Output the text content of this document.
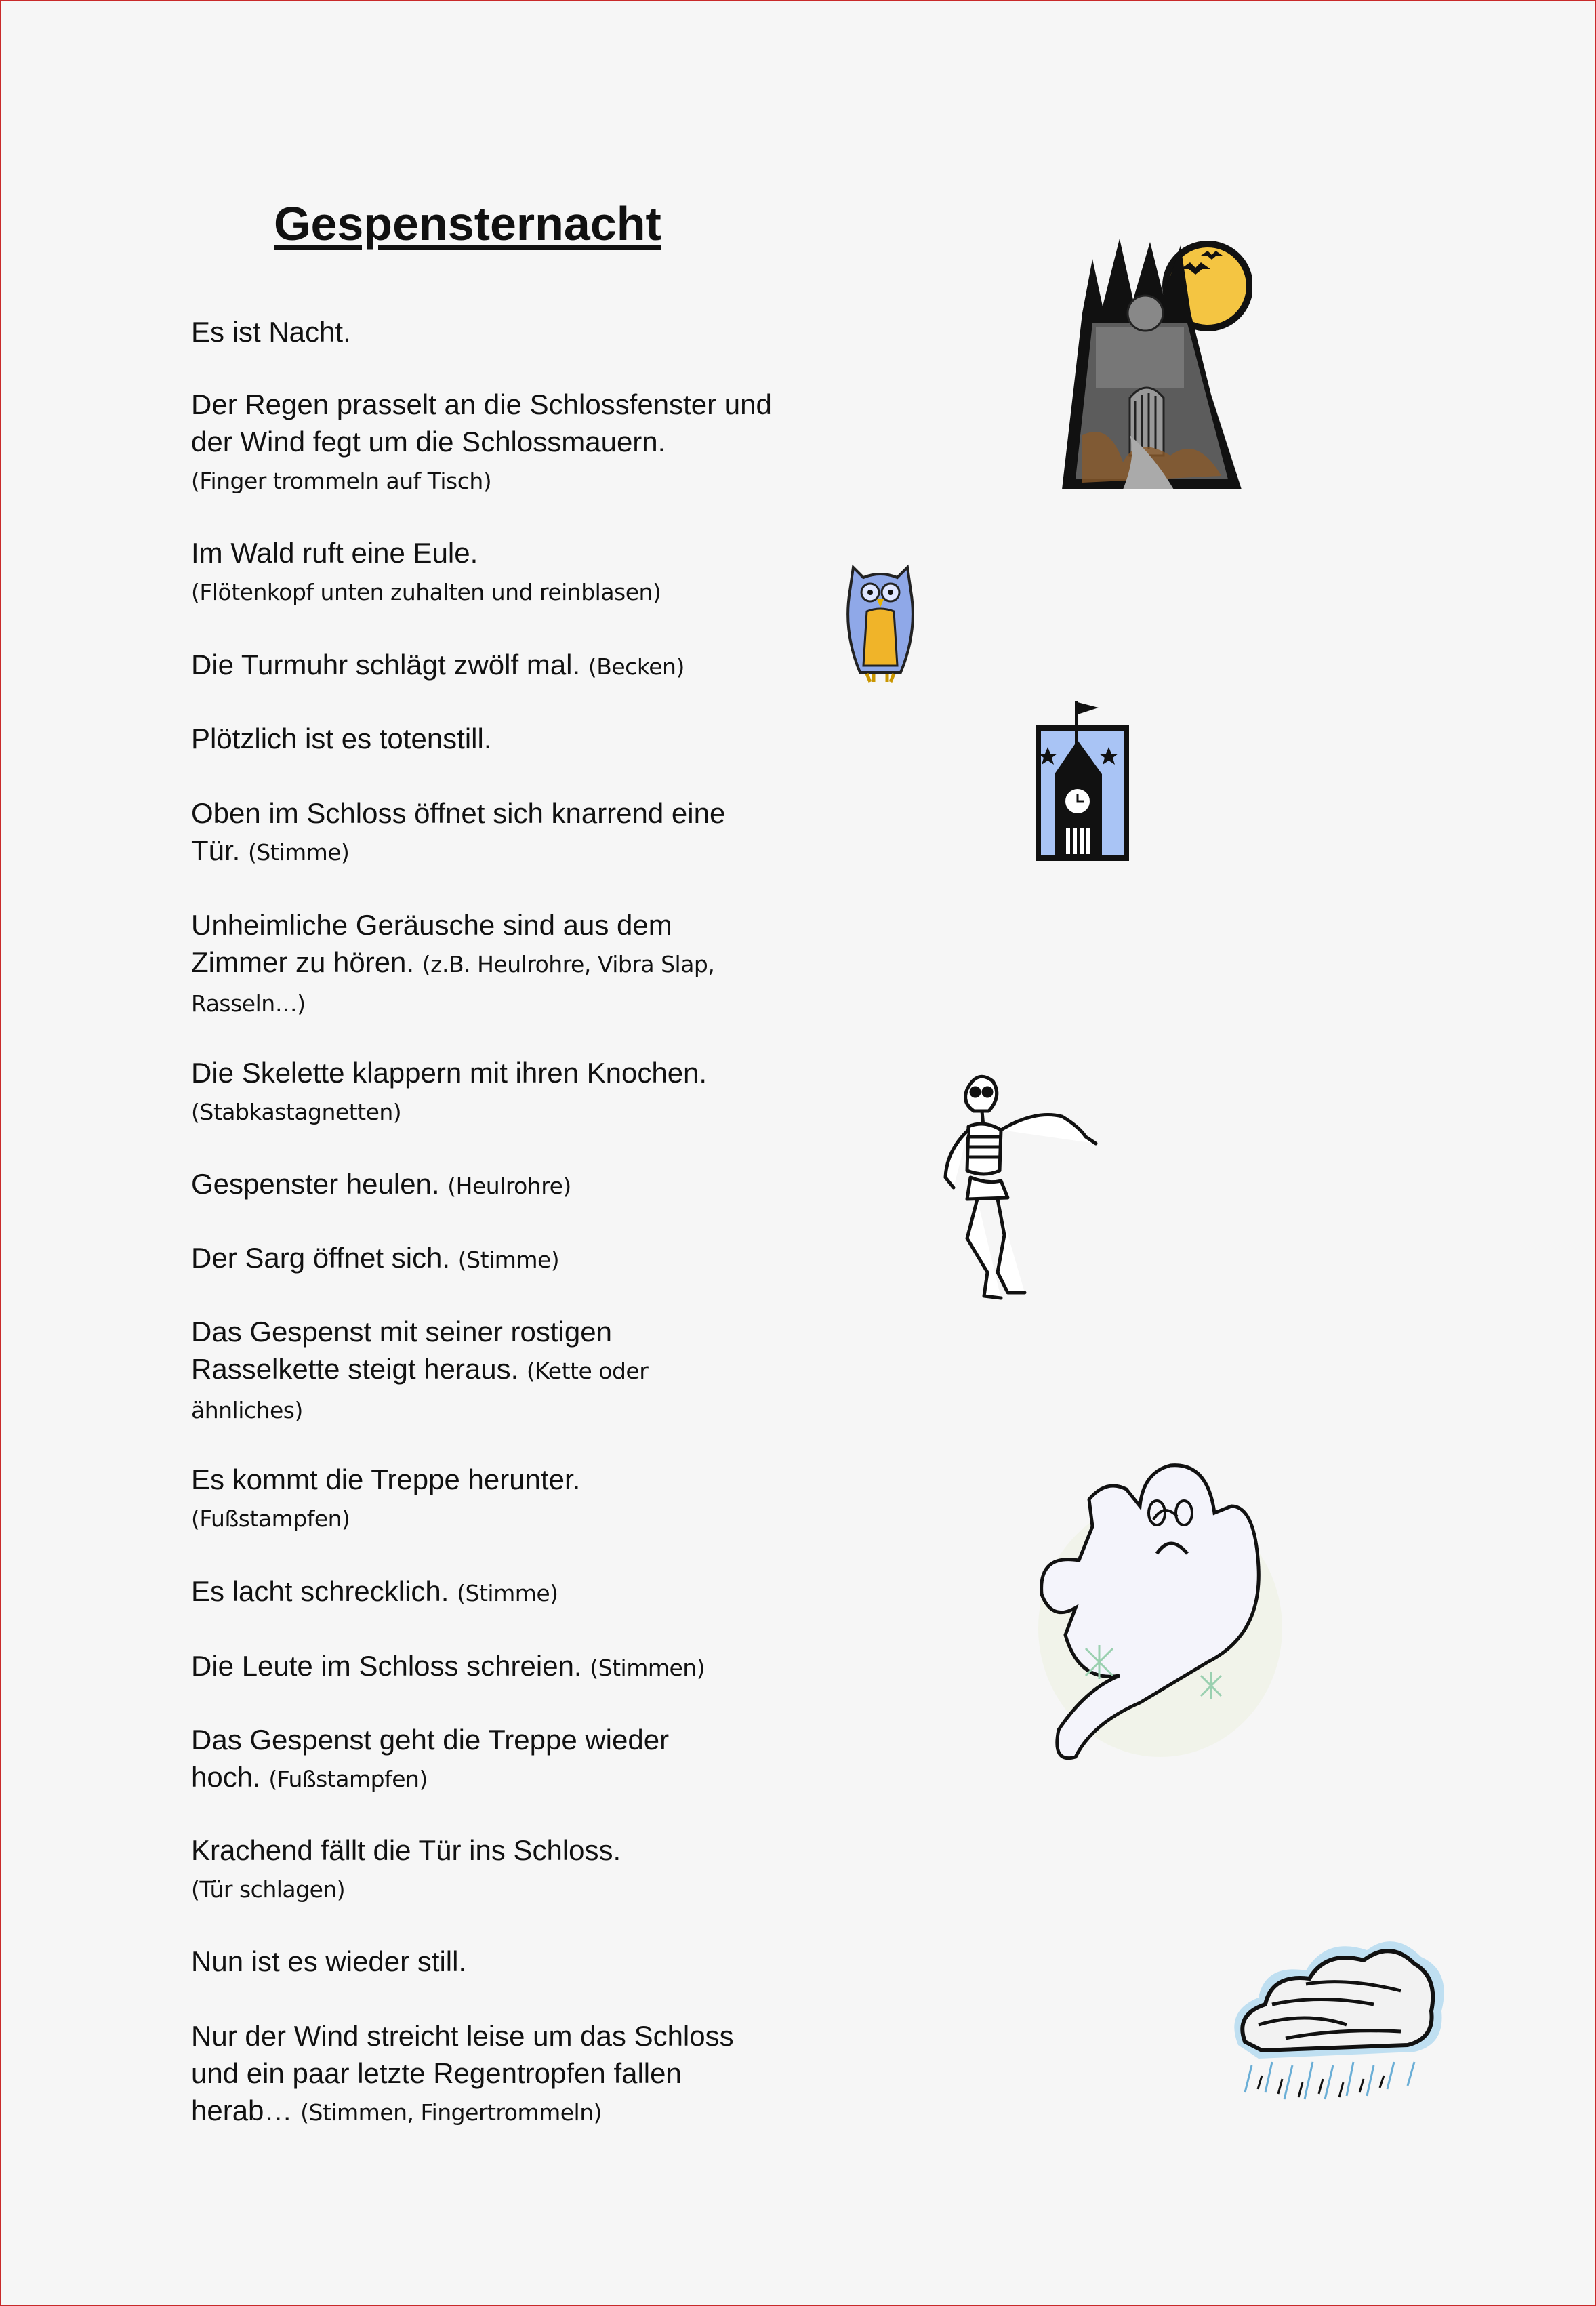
Gespensternacht
Es ist Nacht.
Der Regen prasselt an die Schlossfenster und der Wind fegt um die Schlossmauern.
(Finger trommeln auf Tisch)
Im Wald ruft eine Eule.
(Flötenkopf unten zuhalten und reinblasen)
Die Turmuhr schlägt zwölf mal. (Becken)
Plötzlich ist es totenstill.
Oben im Schloss öffnet sich knarrend eine Tür. (Stimme)
Unheimliche Geräusche sind aus dem Zimmer zu hören. (z.B. Heulrohre, Vibra Slap, Rasseln…)
Die Skelette klappern mit ihren Knochen.
(Stabkastagnetten)
Gespenster heulen. (Heulrohre)
Der Sarg öffnet sich. (Stimme)
Das Gespenst mit seiner rostigen Rasselkette steigt heraus. (Kette oder ähnliches)
Es kommt die Treppe herunter.
(Fußstampfen)
Es lacht schrecklich. (Stimme)
Die Leute im Schloss schreien. (Stimmen)
Das Gespenst geht die Treppe wieder hoch. (Fußstampfen)
Krachend fällt die Tür ins Schloss.
(Tür schlagen)
Nun ist es wieder still.
Nur der Wind streicht leise um das Schloss und ein paar letzte Regentropfen fallen herab… (Stimmen, Fingertrommeln)
